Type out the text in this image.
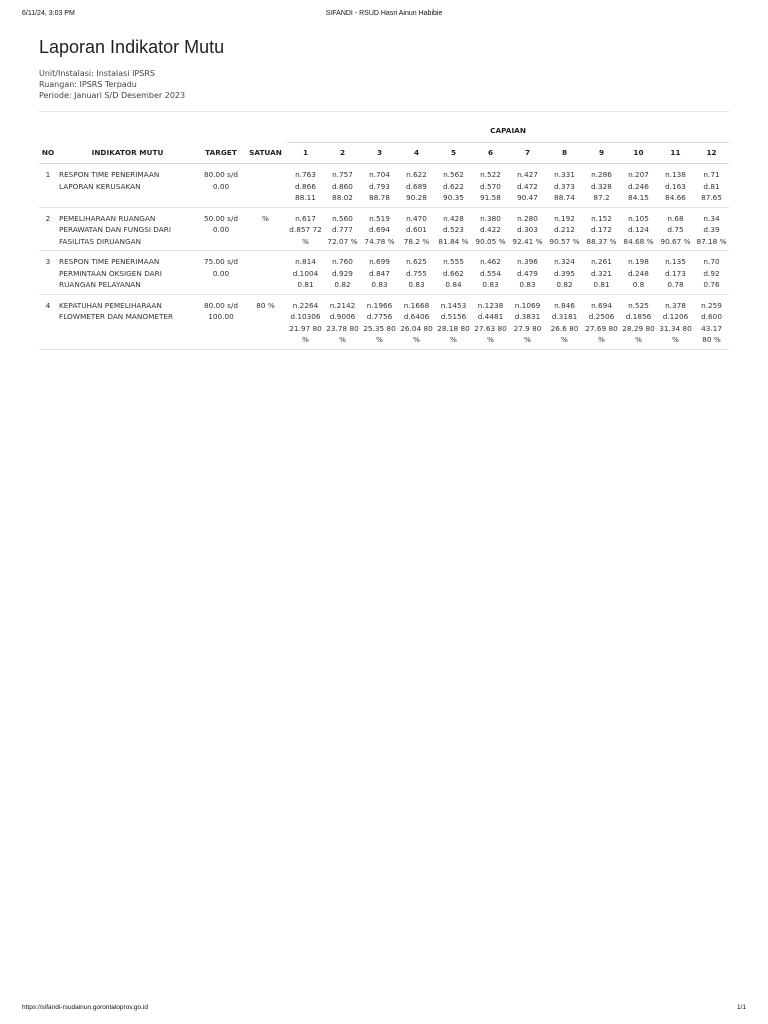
6/11/24, 3:03 PM	SIFANDI - RSUD Hasri Ainun Habibie
Laporan Indikator Mutu
Unit/Instalasi: Instalasi IPSRS
Ruangan: IPSRS Terpadu
Periode: Januari S/D Desember 2023
				CAPAIAN											
NO	INDIKATOR MUTU	TARGET	SATUAN	1	2	3	4	5	6	7	8	9	10	11	12
1	RESPON TIME PENERIMAAN LAPORAN KERUSAKAN	80.00 s/d 0.00		n.763 d.866 88.11	n.757 d.860 88.02	n.704 d.793 88.78	n.622 d.689 90.28	n.562 d.622 90.35	n.522 d.570 91.58	n.427 d.472 90.47	n.331 d.373 88.74	n.286 d.328 87.2	n.207 d.246 84.15	n.138 d.163 84.66	n.71 d.81 87.65
2	PEMELIHARAAN RUANGAN PERAWATAN DAN FUNGSI DARI FASILITAS DIRUANGAN	50.00 s/d 0.00	%	n.617 d.857 72 %	n.560 d.777 72.07 %	n.519 d.694 74.78 %	n.470 d.601 78.2 %	n.428 d.523 81.84 %	n.380 d.422 90.05 %	n.280 d.303 92.41 %	n.192 d.212 90.57 %	n.152 d.172 88.37 %	n.105 d.124 84.68 %	n.68 d.75 90.67 %	n.34 d.39 87.18 %
3	RESPON TIME PENERIMAAN PERMINTAAN OKSIGEN DARI RUANGAN PELAYANAN	75.00 s/d 0.00		n.814 d.1004 0.81	n.760 d.929 0.82	n.699 d.847 0.83	n.625 d.755 0.83	n.555 d.662 0.84	n.462 d.554 0.83	n.396 d.479 0.83	n.324 d.395 0.82	n.261 d.321 0.81	n.198 d.248 0.8	n.135 d.173 0.78	n.70 d.92 0.76
4	KEPATUHAN PEMELIHARAAN FLOWMETER DAN MANOMETER	80.00 s/d 100.00	80 %	n.2264 d.10306 21.97 80 %	n.2142 d.9006 23.78 80 %	n.1966 d.7756 25.35 80 %	n.1668 d.6406 26.04 80 %	n.1453 d.5156 28.18 80 %	n.1238 d.4481 27.63 80 %	n.1069 d.3831 27.9 80 %	n.846 d.3181 26.6 80 %	n.694 d.2506 27.69 80 %	n.525 d.1856 28.29 80 %	n.378 d.1206 31.34 80 %	n.259 d.600 43.17 80 %
https://sifandi-rsudainun.gorontaloprov.go.id	1/1
